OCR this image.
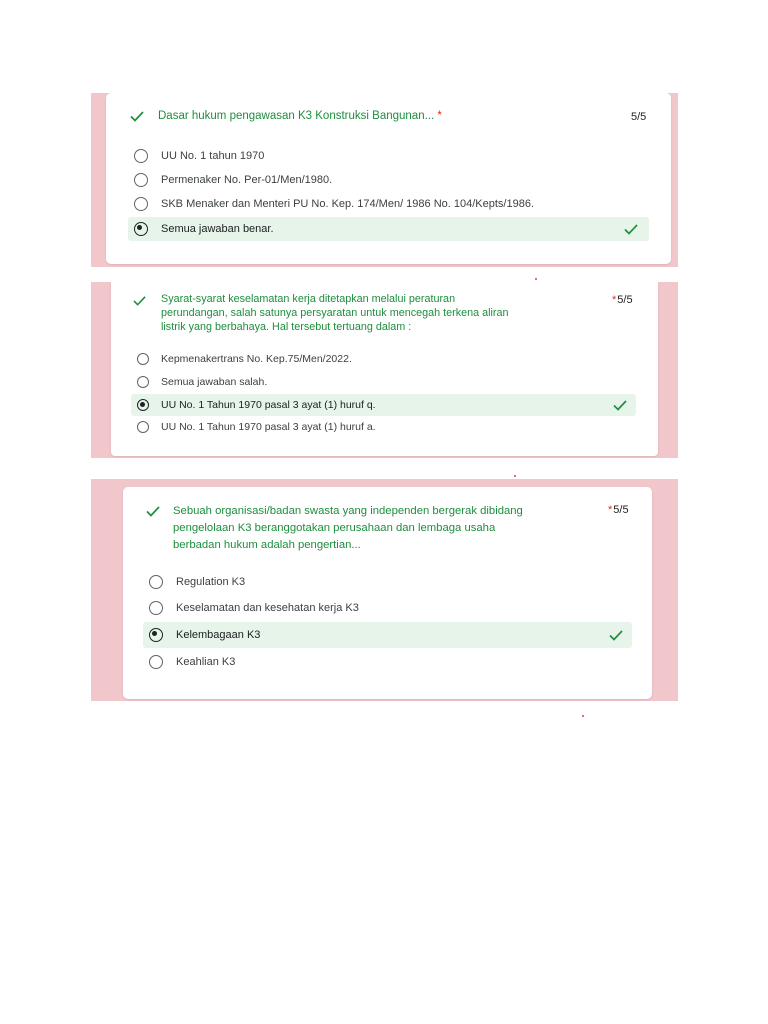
Dasar hukum pengawasan K3 Konstruksi Bangunan... *	5/5
UU No. 1 tahun 1970
Permenaker No. Per-01/Men/1980.
SKB Menaker dan Menteri PU No. Kep. 174/Men/ 1986 No. 104/Kepts/1986.
Semua jawaban benar.
Syarat-syarat keselamatan kerja ditetapkan melalui peraturan
perundangan, salah satunya persyaratan untuk mencegah terkena aliran
listrik yang berbahaya. Hal tersebut tertuang dalam :
*5/5
Kepmenakertrans No. Kep.75/Men/2022.
Semua jawaban salah.
UU No. 1 Tahun 1970 pasal 3 ayat (1) huruf q.
UU No. 1 Tahun 1970 pasal 3 ayat (1) huruf a.
Sebuah organisasi/badan swasta yang independen bergerak dibidang
pengelolaan K3 beranggotakan perusahaan dan lembaga usaha
berbadan hukum adalah pengertian...
*5/5
Regulation K3
Keselamatan dan kesehatan kerja K3
Kelembagaan K3
Keahlian K3
